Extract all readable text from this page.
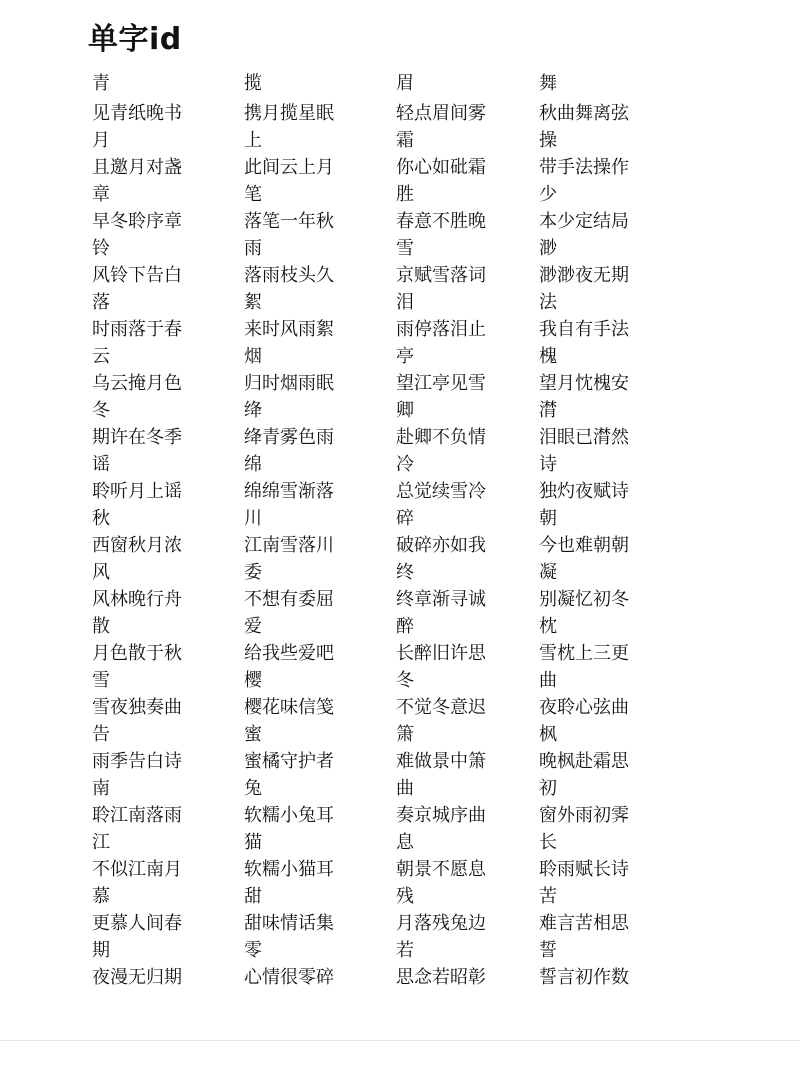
单字id
青
见青纸晚书月
且邀月对盏章
早冬聆序章铃
风铃下告白落
时雨落于春云
乌云掩月色冬
期许在冬季谣
聆听月上谣秋
西窗秋月浓风
风林晚行舟散
月色散于秋雪
雪夜独奏曲告
雨季告白诗南
聆江南落雨江
不似江南月慕
更慕人间春期
夜漫无归期
揽
携月揽星眠上
此间云上月笔
落笔一年秋雨
落雨枝头久絮
来时风雨絮烟
归时烟雨眠绛
绛青雾色雨绵
绵绵雪渐落川
江南雪落川委
不想有委屈爱
给我些爱吧樱
樱花味信笺蜜
蜜橘守护者兔
软糯小兔耳猫
软糯小猫耳甜
甜味情话集零
心情很零碎
眉
轻点眉间雾霜
你心如砒霜胜
春意不胜晚雪
京赋雪落词泪
雨停落泪止亭
望江亭见雪卿
赴卿不负情冷
总觉续雪冷碎
破碎亦如我终
终章渐寻诚醉
长醉旧许思冬
不觉冬意迟箫
难做景中箫曲
奏京城序曲息
朝景不愿息残
月落残兔边若
思念若昭彰
舞
秋曲舞离弦操
带手法操作少
本少定结局渺
渺渺夜无期法
我自有手法槐
望月忱槐安潸
泪眼已潸然诗
独灼夜赋诗朝
今也难朝朝凝
别凝忆初冬枕
雪枕上三更曲
夜聆心弦曲枫
晚枫赴霜思初
窗外雨初霁长
聆雨赋长诗苦
难言苦相思誓
誓言初作数
